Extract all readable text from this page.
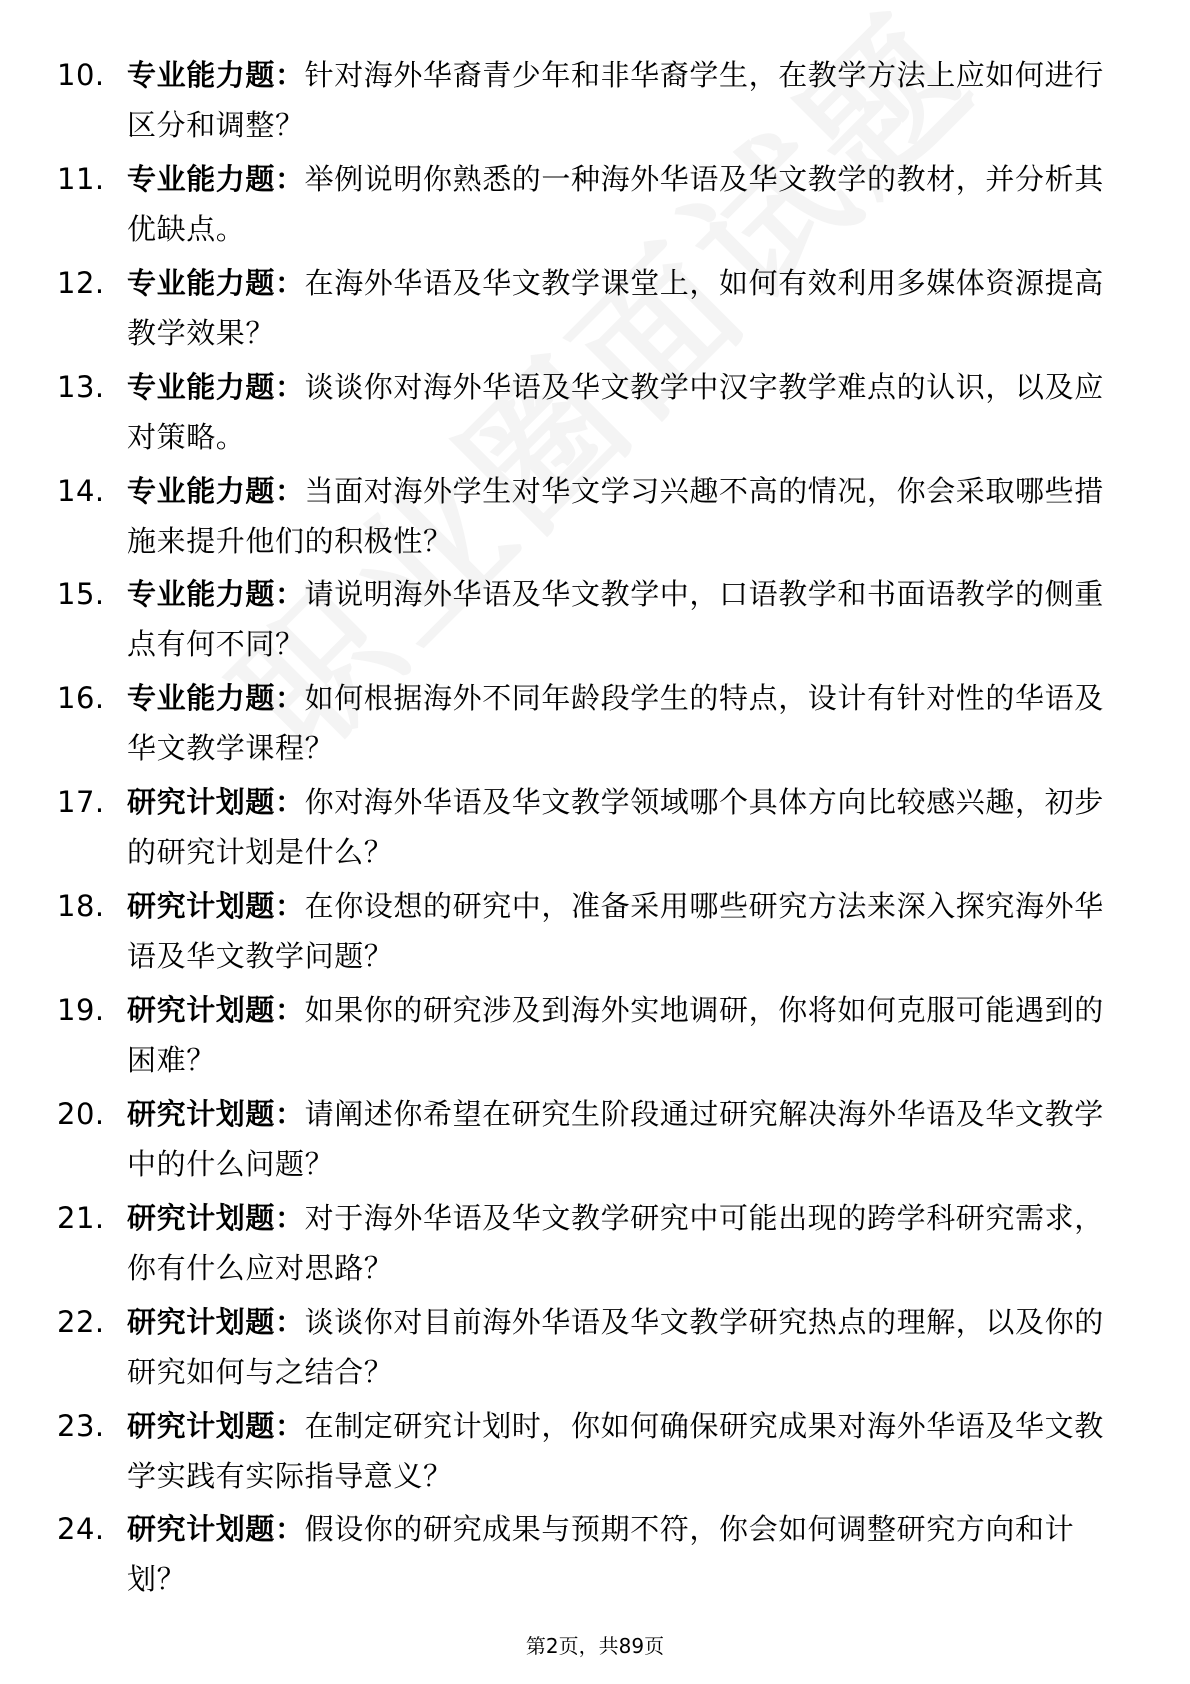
10. 专业能力题：针对海外华裔青少年和非华裔学生，在教学方法上应如何进行区分和调整？
11. 专业能力题：举例说明你熟悉的一种海外华语及华文教学的教材，并分析其优缺点。
12. 专业能力题：在海外华语及华文教学课堂上，如何有效利用多媒体资源提高教学效果？
13. 专业能力题：谈谈你对海外华语及华文教学中汉字教学难点的认识，以及应对策略。
14. 专业能力题：当面对海外学生对华文学习兴趣不高的情况，你会采取哪些措施来提升他们的积极性？
15. 专业能力题：请说明海外华语及华文教学中，口语教学和书面语教学的侧重点有何不同？
16. 专业能力题：如何根据海外不同年龄段学生的特点，设计有针对性的华语及华文教学课程？
17. 研究计划题：你对海外华语及华文教学领域哪个具体方向比较感兴趣，初步的研究计划是什么？
18. 研究计划题：在你设想的研究中，准备采用哪些研究方法来深入探究海外华语及华文教学问题？
19. 研究计划题：如果你的研究涉及到海外实地调研，你将如何克服可能遇到的困难？
20. 研究计划题：请阐述你希望在研究生阶段通过研究解决海外华语及华文教学中的什么问题？
21. 研究计划题：对于海外华语及华文教学研究中可能出现的跨学科研究需求，你有什么应对思路？
22. 研究计划题：谈谈你对目前海外华语及华文教学研究热点的理解，以及你的研究如何与之结合？
23. 研究计划题：在制定研究计划时，你如何确保研究成果对海外华语及华文教学实践有实际指导意义？
24. 研究计划题：假设你的研究成果与预期不符，你会如何调整研究方向和计划？
第2页，共89页
